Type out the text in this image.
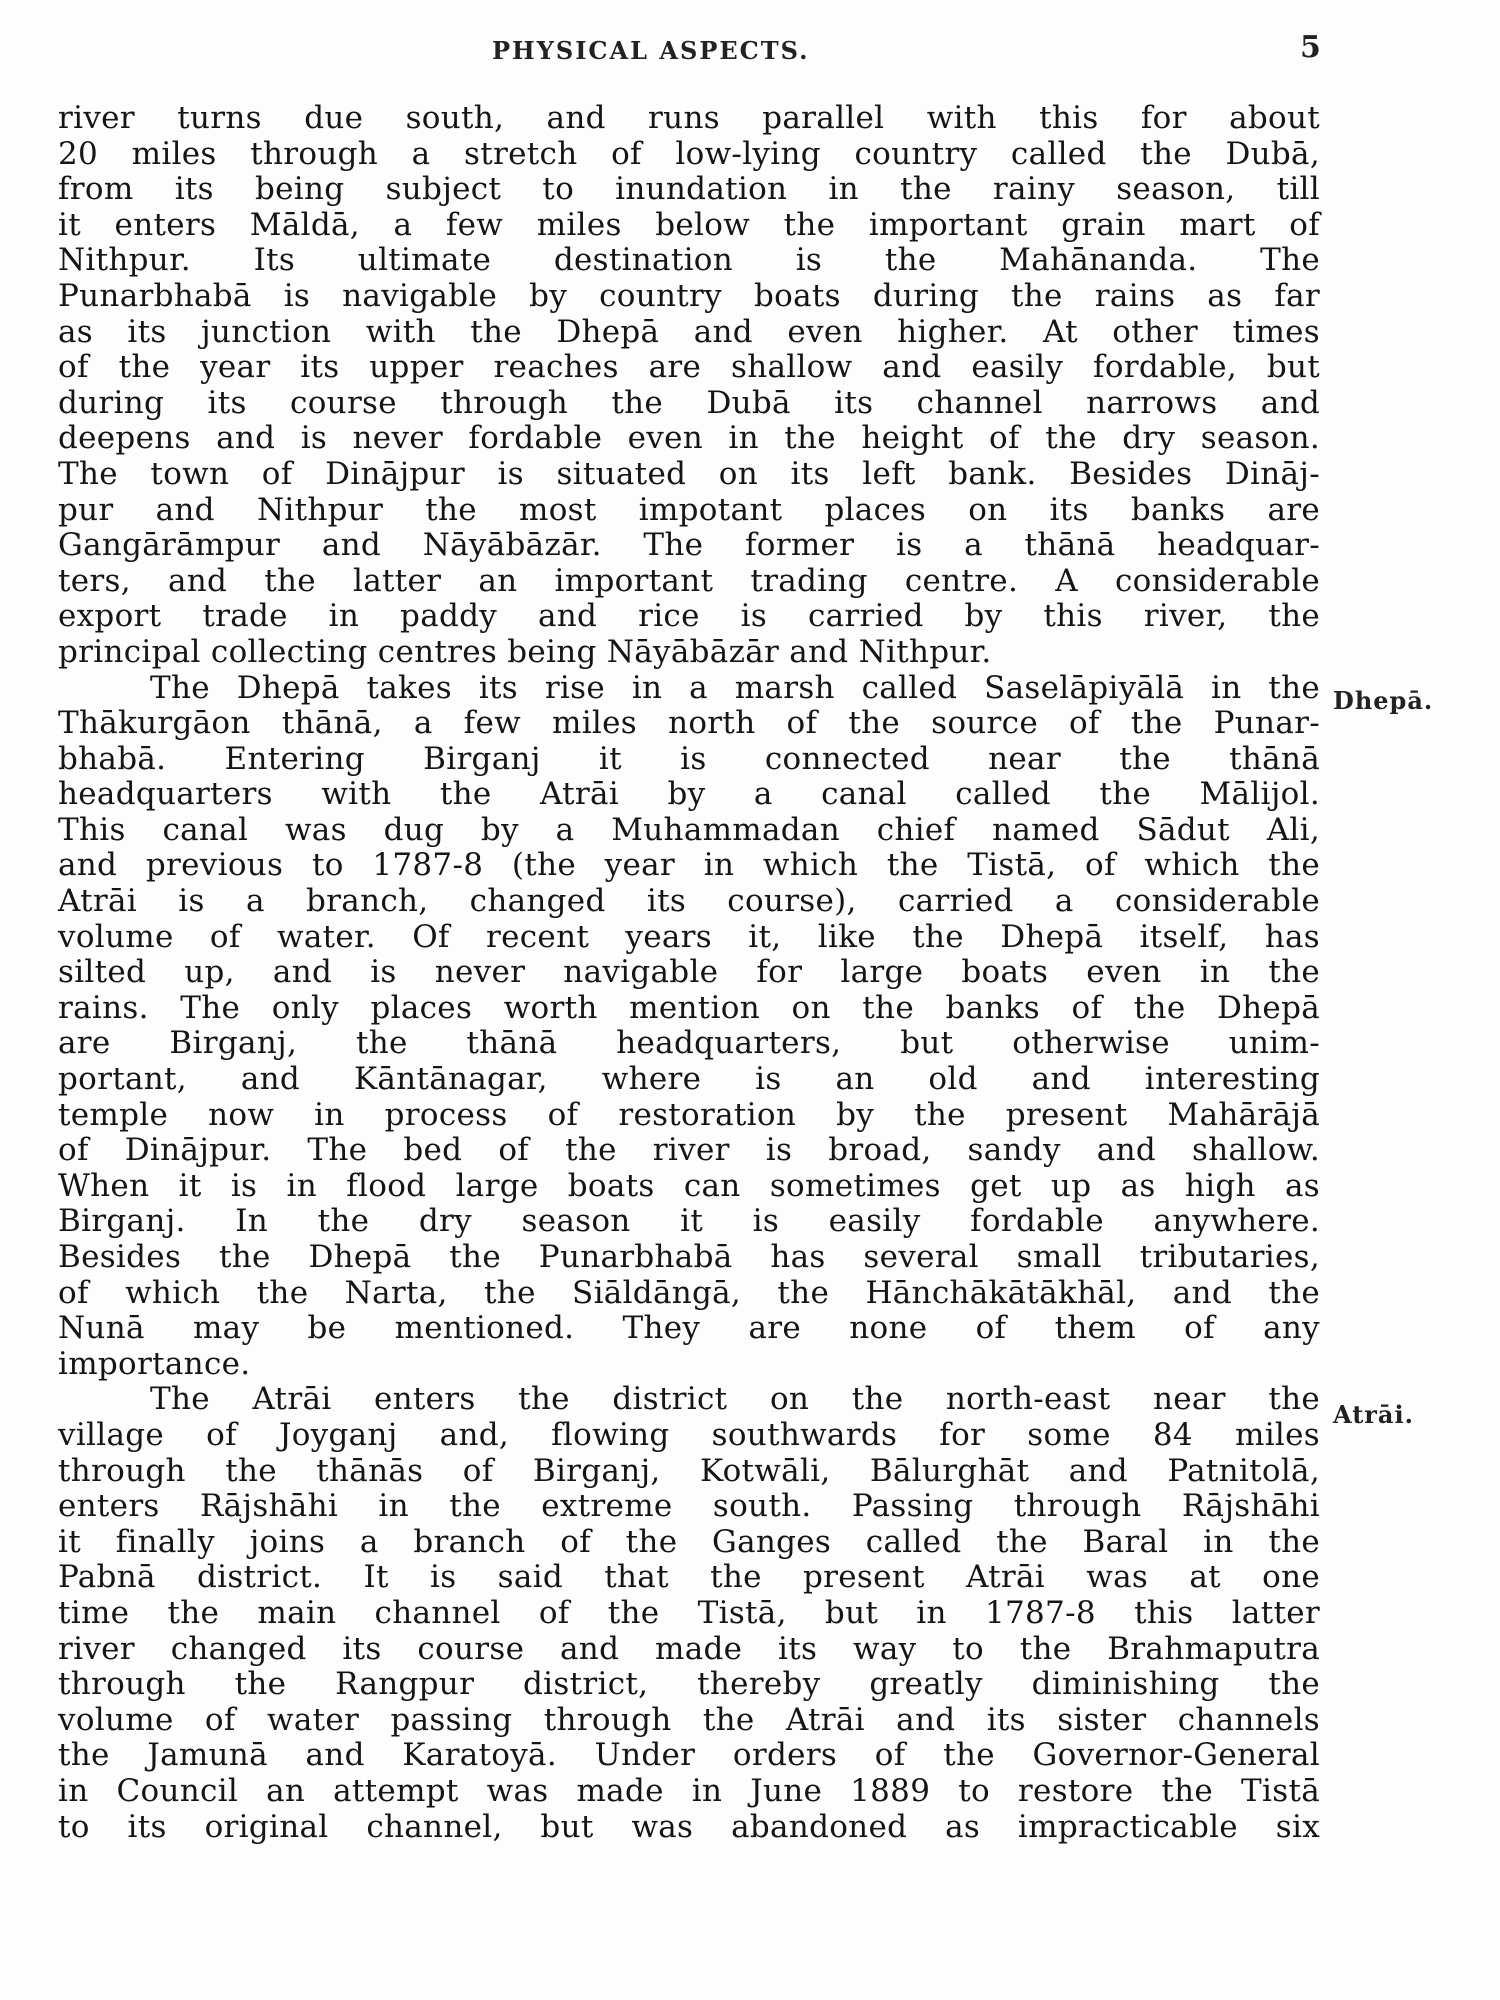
PHYSICAL ASPECTS.	5
river turns due south, and runs parallel with this for about
20 miles through a stretch of low-lying country called the Dubā,
from its being subject to inundation in the rainy season, till
it enters Māldā, a few miles below the important grain mart of
Nithpur. Its ultimate destination is the Mahānanda. The
Punarbhabā is navigable by country boats during the rains as far
as its junction with the Dhepā and even higher. At other times
of the year its upper reaches are shallow and easily fordable, but
during its course through the Dubā its channel narrows and
deepens and is never fordable even in the height of the dry season.
The town of Dinājpur is situated on its left bank. Besides Dināj-
pur and Nithpur the most impotant places on its banks are
Gangārāmpur and Nāyābāzār. The former is a thānā headquar-
ters, and the latter an important trading centre. A considerable
export trade in paddy and rice is carried by this river, the
principal collecting centres being Nāyābāzār and Nithpur.
The Dhepā takes its rise in a marsh called Saselāpiyālā in the
Thākurgāon thānā, a few miles north of the source of the Punar-
bhabā. Entering Birganj it is connected near the thānā
headquarters with the Atrāi by a canal called the Mālijol.
This canal was dug by a Muhammadan chief named Sādut Ali,
and previous to 1787-8 (the year in which the Tistā, of which the
Atrāi is a branch, changed its course), carried a considerable
volume of water. Of recent years it, like the Dhepā itself, has
silted up, and is never navigable for large boats even in the
rains. The only places worth mention on the banks of the Dhepā
are Birganj, the thānā headquarters, but otherwise unim-
portant, and Kāntānagar, where is an old and interesting
temple now in process of restoration by the present Mahārājā
of Dinājpur. The bed of the river is broad, sandy and shallow.
When it is in flood large boats can sometimes get up as high as
Birganj. In the dry season it is easily fordable anywhere.
Besides the Dhepā the Punarbhabā has several small tributaries,
of which the Narta, the Siāldāngā, the Hānchākātākhāl, and the
Nunā may be mentioned. They are none of them of any
importance.
The Atrāi enters the district on the north-east near the
village of Joyganj and, flowing southwards for some 84 miles
through the thānās of Birganj, Kotwāli, Bālurghāt and Patnitolā,
enters Rājshāhi in the extreme south. Passing through Rājshāhi
it finally joins a branch of the Ganges called the Baral in the
Pabnā district. It is said that the present Atrāi was at one
time the main channel of the Tistā, but in 1787-8 this latter
river changed its course and made its way to the Brahmaputra
through the Rangpur district, thereby greatly diminishing the
volume of water passing through the Atrāi and its sister channels
the Jamunā and Karatoyā. Under orders of the Governor-General
in Council an attempt was made in June 1889 to restore the Tistā
to its original channel, but was abandoned as impracticable six
Dhepā.
Atrāi.
